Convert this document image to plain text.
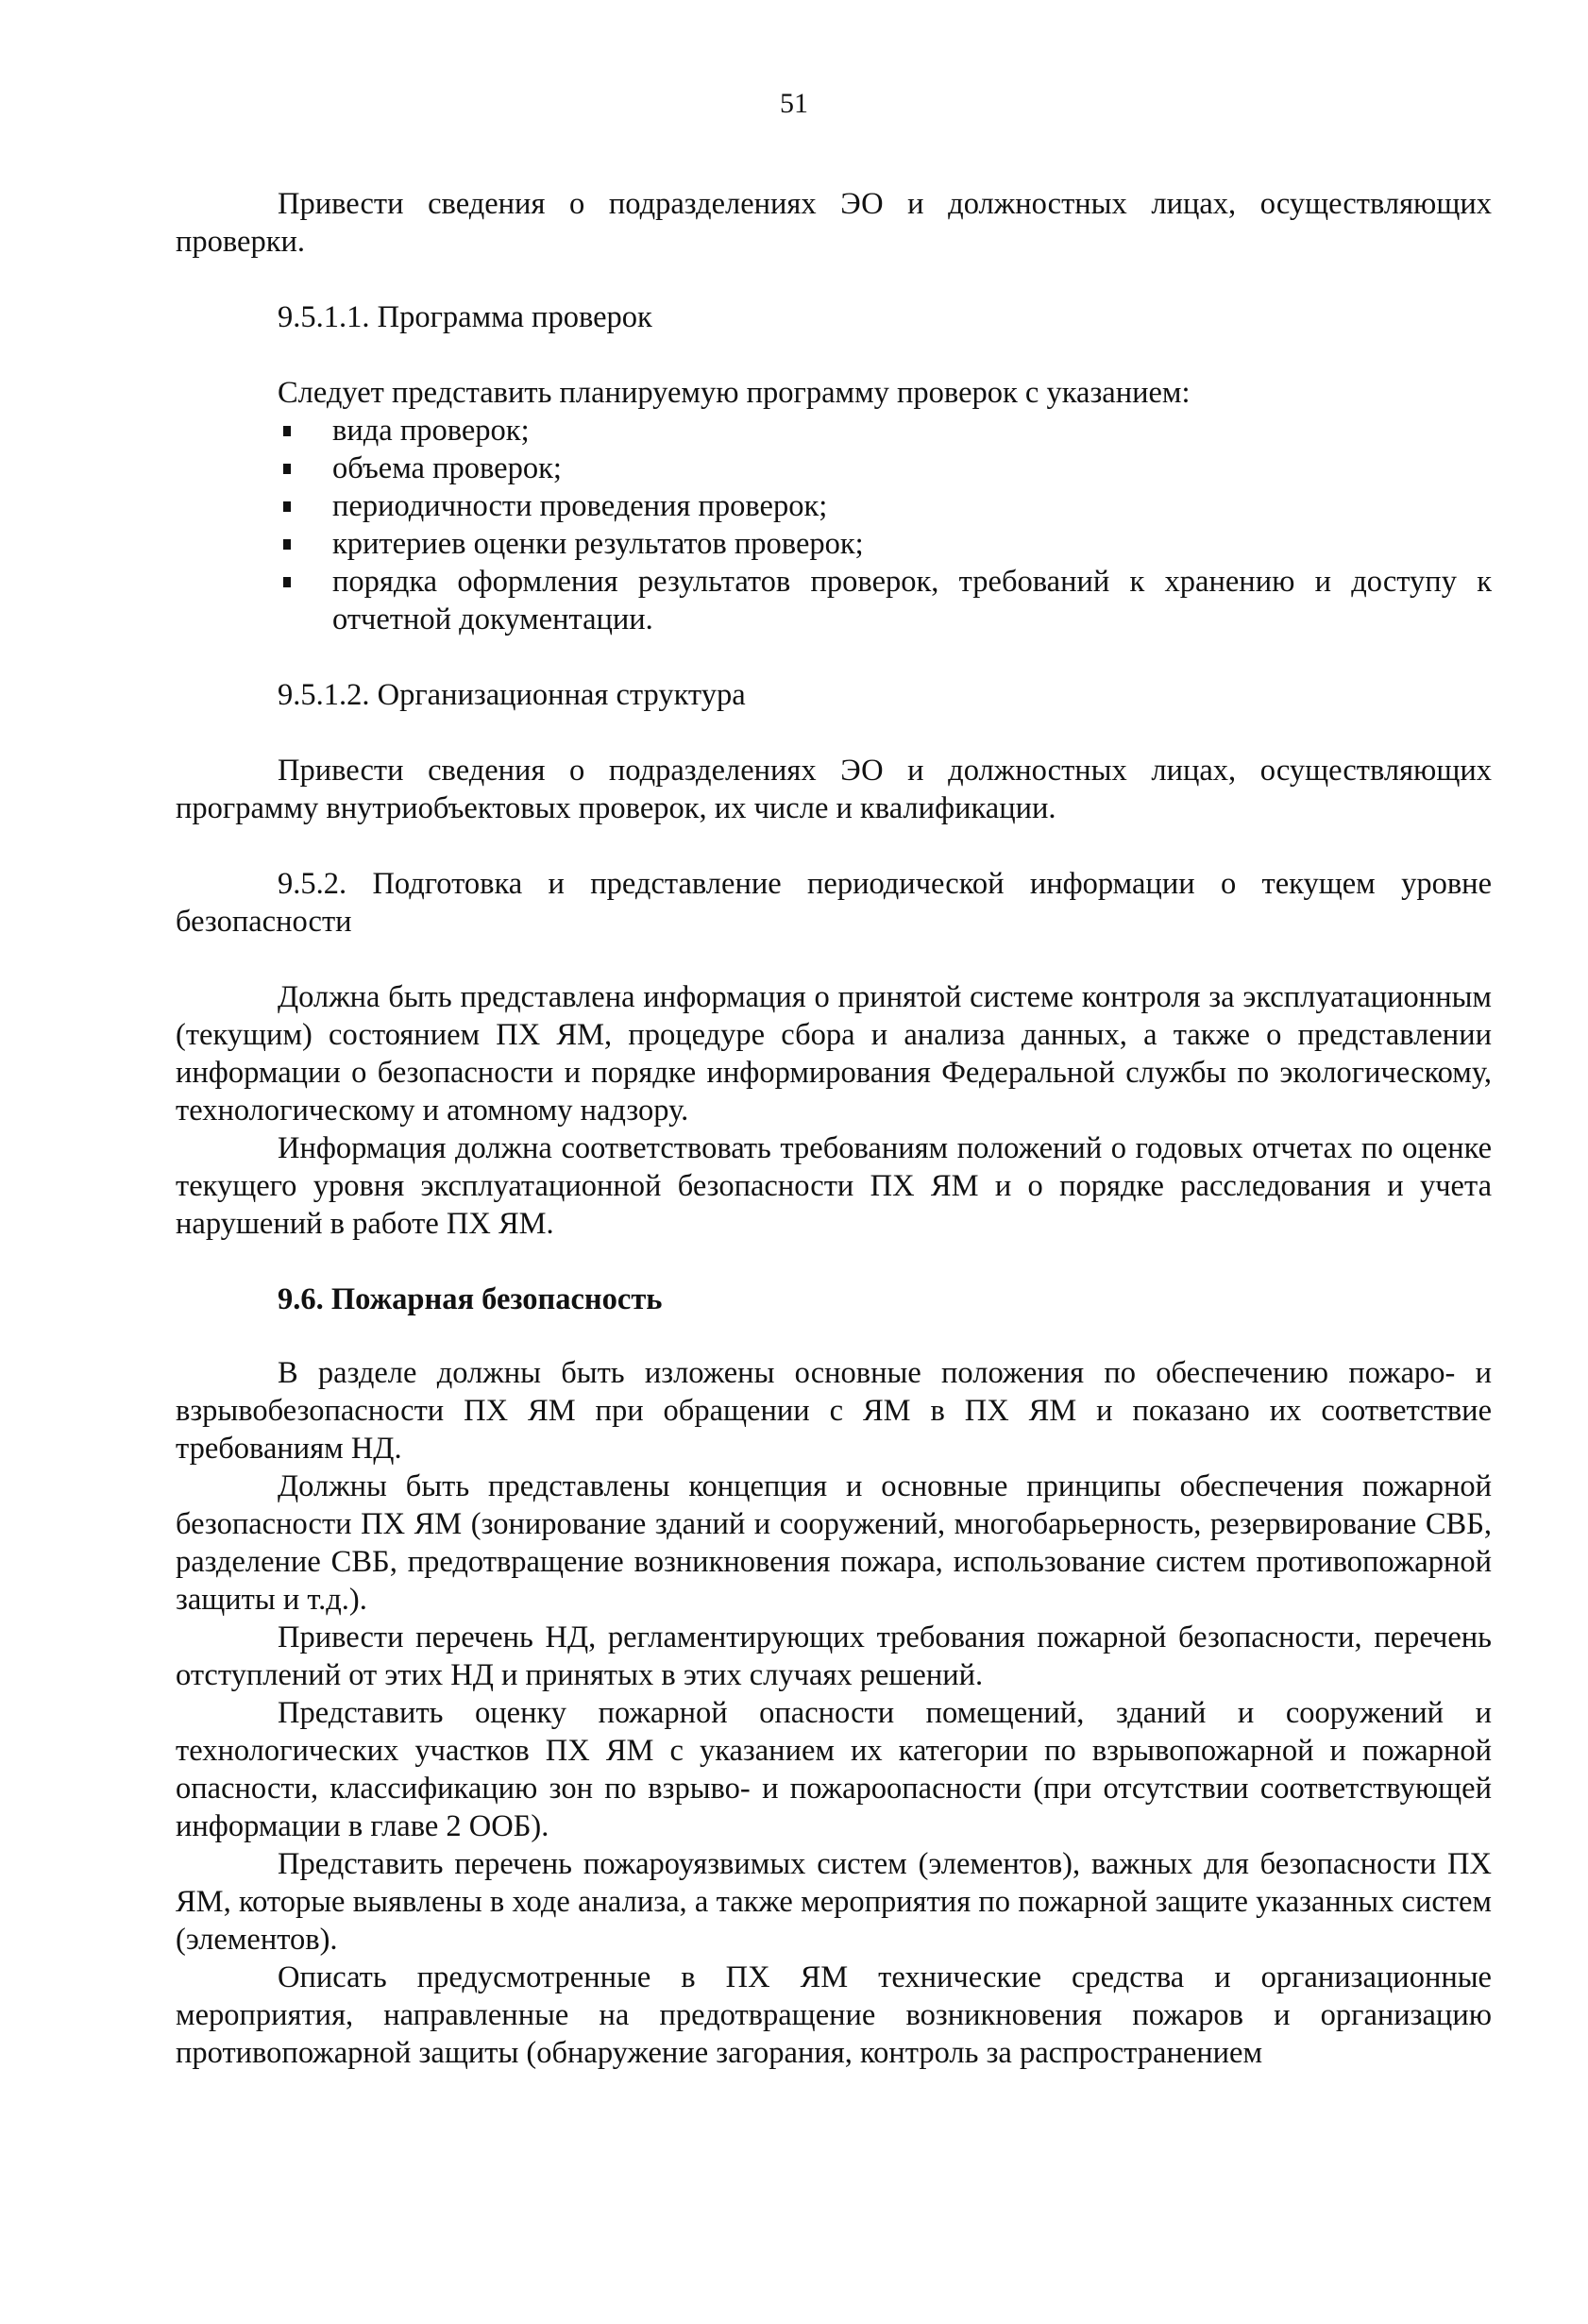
51

Привести сведения о подразделениях ЭО и должностных лицах, осуществляющих проверки.

9.5.1.1. Программа проверок

Следует представить планируемую программу проверок с указанием:

вида проверок;
объема проверок;
периодичности проведения проверок;
критериев оценки результатов проверок;
порядка оформления результатов проверок, требований к хранению и доступу к отчетной документации.

9.5.1.2. Организационная структура

Привести сведения о подразделениях ЭО и должностных лицах, осуществляющих программу внутриобъектовых проверок, их числе и квалификации.

9.5.2. Подготовка и представление периодической информации о текущем уровне безопасности

Должна быть представлена информация о принятой системе контроля за эксплуатационным (текущим) состоянием ПХ ЯМ, процедуре сбора и анализа данных, а также о представлении информации о безопасности и порядке информирования Федеральной службы по экологическому, технологическому и атомному надзору.

Информация должна соответствовать требованиям положений о годовых отчетах по оценке текущего уровня эксплуатационной безопасности ПХ ЯМ и о порядке расследования и учета нарушений в работе ПХ ЯМ.

9.6. Пожарная безопасность

В разделе должны быть изложены основные положения по обеспечению пожаро- и взрывобезопасности ПХ ЯМ при обращении с ЯМ в ПХ ЯМ и показано их соответствие требованиям НД.

Должны быть представлены концепция и основные принципы обеспечения пожарной безопасности ПХ ЯМ (зонирование зданий и сооружений, многобарьерность, резервирование СВБ, разделение СВБ, предотвращение возникновения пожара, использование систем противопожарной защиты и т.д.).

Привести перечень НД, регламентирующих требования пожарной безопасности, перечень отступлений от этих НД и принятых в этих случаях решений.

Представить оценку пожарной опасности помещений, зданий и сооружений и технологических участков ПХ ЯМ с указанием их категории по взрывопожарной и пожарной опасности, классификацию зон по взрыво- и пожароопасности (при отсутствии соответствующей информации в главе 2 ООБ).

Представить перечень пожароуязвимых систем (элементов), важных для безопасности ПХ ЯМ, которые выявлены в ходе анализа, а также мероприятия по пожарной защите указанных систем (элементов).

Описать предусмотренные в ПХ ЯМ технические средства и организационные мероприятия, направленные на предотвращение возникновения пожаров и организацию противопожарной защиты (обнаружение загорания, контроль за распространением
